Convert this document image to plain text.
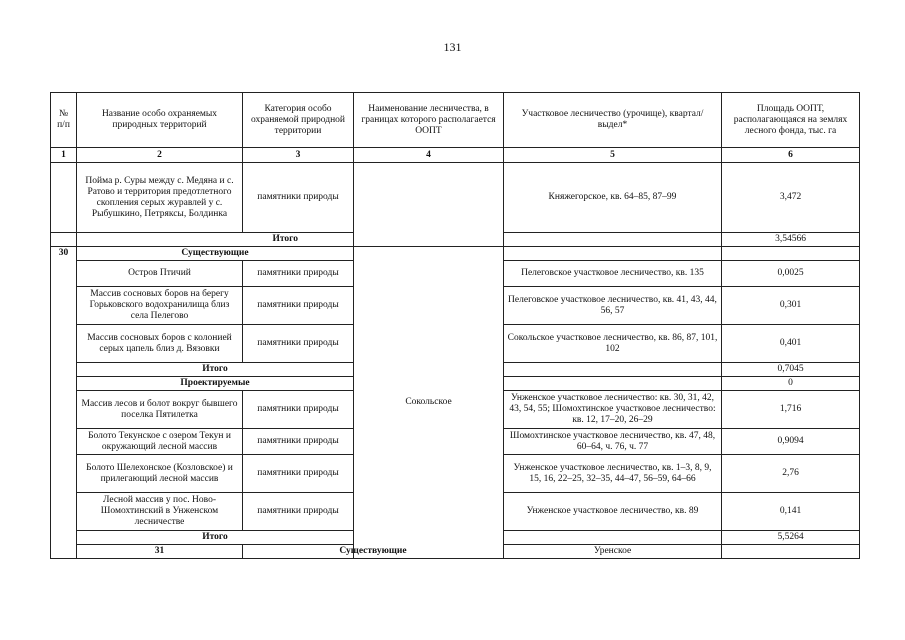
131
№ п/п	Название особо охраняемых природных территорий	Категория особо охраняемой природной территории	Наименование лесничества, в границах которого располагается ООПТ	Участковое лесничество (урочище), квартал/выдел*	Площадь ООПТ, располагающаяся на землях лесного фонда, тыс. га	
1	2	3	4	5	6	
	Пойма р. Суры между с. Медяна и с. Ратово и территория предотлетного скопления серых журавлей у с. Рыбушкино, Петряксы, Болдинка	памятники природы		Княжегорское, кв. 64–85, 87–99	3,472	
	Итого				3,54566	
30	Существующие		Сокольское			
	Остров Птичий	памятники природы		Пелеговское участковое лесничество, кв. 135	0,0025	
	Массив сосновых боров на берегу Горьковского водохранилища близ села Пелегово	памятники природы		Пелеговское участковое лесничество, кв. 41, 43, 44, 56, 57	0,301	
	Массив сосновых боров с колонией серых цапель близ д. Вязовки	памятники природы		Сокольское участковое лесничество, кв. 86, 87, 101, 102	0,401	
	Итого				0,7045	
	Проектируемые				0	
	Массив лесов и болот вокруг бывшего поселка Пятилетка	памятники природы		Унженское участковое лесничество: кв. 30, 31, 42, 43, 54, 55; Шомохтинское участковое лесничество: кв. 12, 17–20, 26–29	1,716	
	Болото Текунское с озером Текун и окружающий лесной массив	памятники природы		Шомохтинское участковое лесничество, кв. 47, 48, 60–64, ч. 76, ч. 77	0,9094	
	Болото Шелехонское (Козловское) и прилегающий лесной массив	памятники природы		Унженское участковое лесничество, кв. 1–3, 8, 9, 15, 16, 22–25, 32–35, 44–47, 56–59, 64–66	2,76	
	Лесной массив у пос. Ново-Шомохтинский в Унженском лесничестве	памятники природы		Унженское участковое лесничество, кв. 89	0,141	
	Итого				5,5264	
	31	Существующие		Уренское		
